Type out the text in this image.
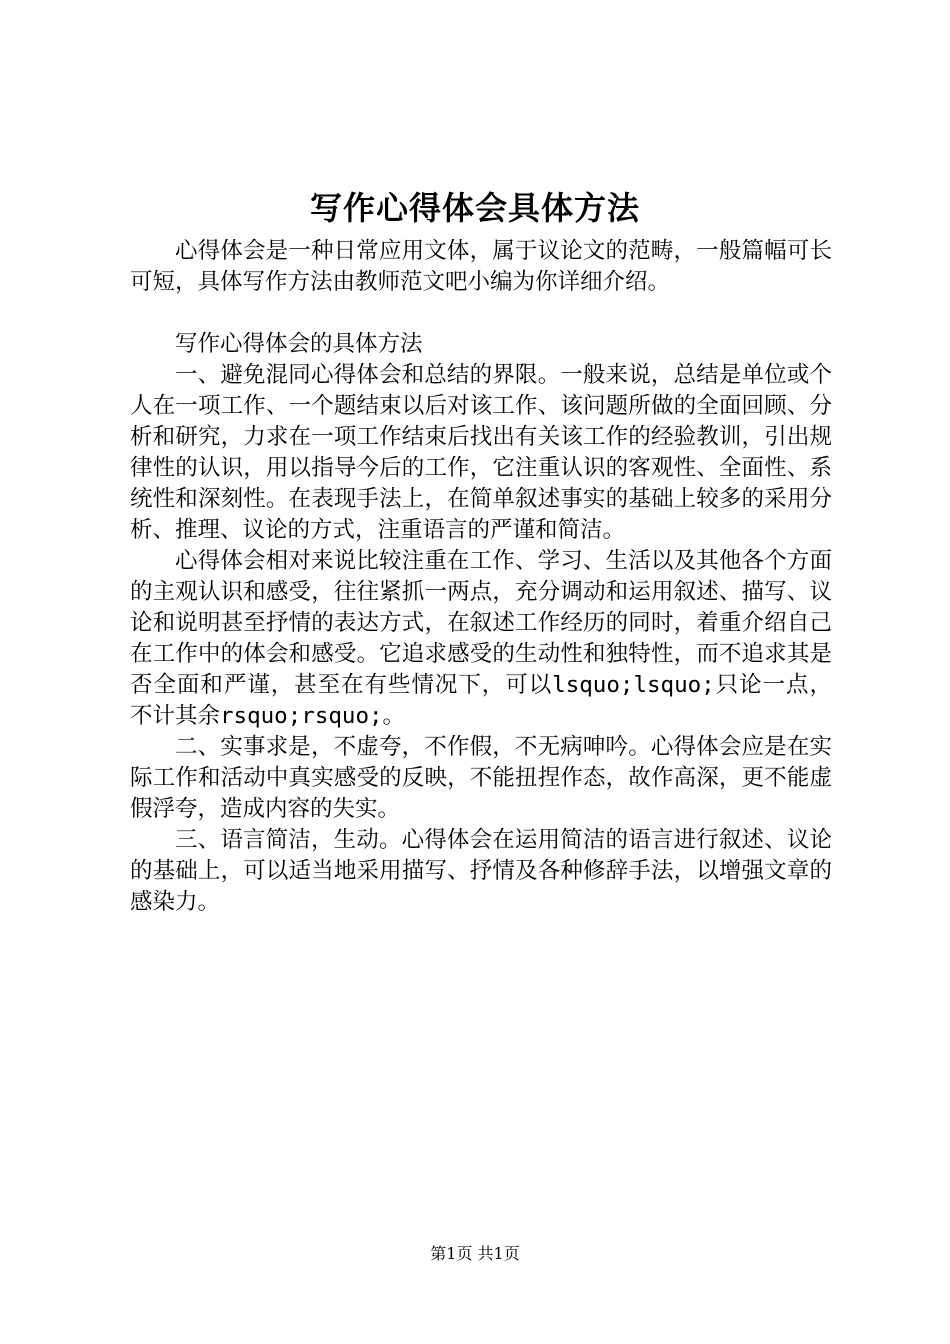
写作心得体会具体方法

心得体会是一种日常应用文体，属于议论文的范畴，一般篇幅可长可短，具体写作方法由教师范文吧小编为你详细介绍。

写作心得体会的具体方法

一、避免混同心得体会和总结的界限。一般来说，总结是单位或个人在一项工作、一个题结束以后对该工作、该问题所做的全面回顾、分析和研究，力求在一项工作结束后找出有关该工作的经验教训，引出规律性的认识，用以指导今后的工作，它注重认识的客观性、全面性、系统性和深刻性。在表现手法上，在简单叙述事实的基础上较多的采用分析、推理、议论的方式，注重语言的严谨和简洁。

心得体会相对来说比较注重在工作、学习、生活以及其他各个方面的主观认识和感受，往往紧抓一两点，充分调动和运用叙述、描写、议论和说明甚至抒情的表达方式，在叙述工作经历的同时，着重介绍自己在工作中的体会和感受。它追求感受的生动性和独特性，而不追求其是否全面和严谨，甚至在有些情况下，可以lsquo;lsquo;只论一点，不计其余rsquo;rsquo;。

二、实事求是，不虚夸，不作假，不无病呻吟。心得体会应是在实际工作和活动中真实感受的反映，不能扭捏作态，故作高深，更不能虚假浮夸，造成内容的失实。

三、语言简洁，生动。心得体会在运用简洁的语言进行叙述、议论的基础上，可以适当地采用描写、抒情及各种修辞手法，以增强文章的感染力。

第1页 共1页
